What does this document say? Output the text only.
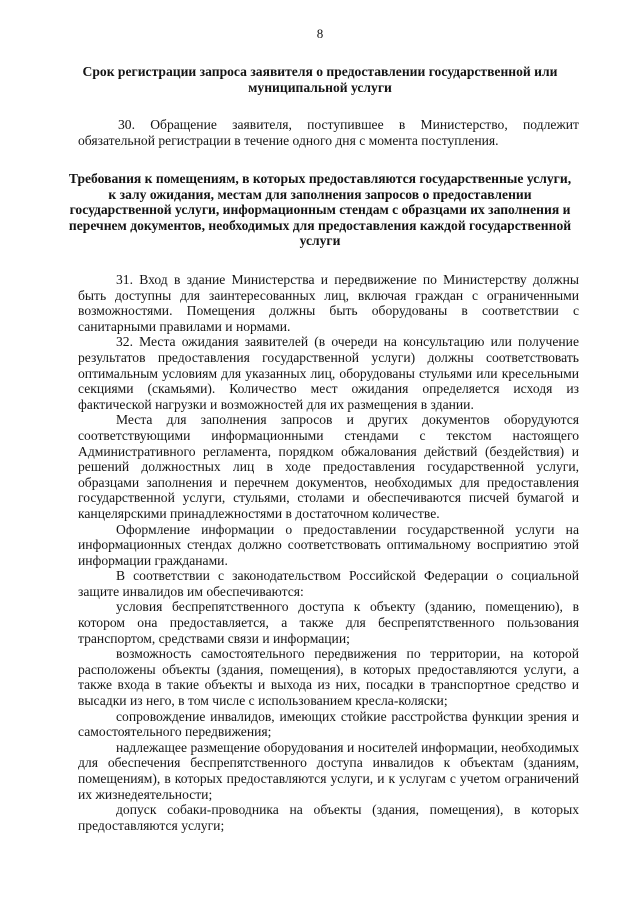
8
Срок регистрации запроса заявителя о предоставлении государственной или муниципальной услуги

30. Обращение заявителя, поступившее в Министерство, подлежит обязательной регистрации в течение одного дня с момента поступления.

Требования к помещениям, в которых предоставляются государственные услуги, к залу ожидания, местам для заполнения запросов о предоставлении государственной услуги, информационным стендам с образцами их заполнения и перечнем документов, необходимых для предоставления каждой государственной услуги

31. Вход в здание Министерства и передвижение по Министерству должны быть доступны для заинтересованных лиц, включая граждан с ограниченными возможностями. Помещения должны быть оборудованы в соответствии с санитарными правилами и нормами.

32. Места ожидания заявителей (в очереди на консультацию или получение результатов предоставления государственной услуги) должны соответствовать оптимальным условиям для указанных лиц, оборудованы стульями или кресельными секциями (скамьями). Количество мест ожидания определяется исходя из фактической нагрузки и возможностей для их размещения в здании.

Места для заполнения запросов и других документов оборудуются соответствующими информационными стендами с текстом настоящего Административного регламента, порядком обжалования действий (бездействия) и решений должностных лиц в ходе предоставления государственной услуги, образцами заполнения и перечнем документов, необходимых для предоставления государственной услуги, стульями, столами и обеспечиваются писчей бумагой и канцелярскими принадлежностями в достаточном количестве.

Оформление информации о предоставлении государственной услуги на информационных стендах должно соответствовать оптимальному восприятию этой информации гражданами.

В соответствии с законодательством Российской Федерации о социальной защите инвалидов им обеспечиваются:

условия беспрепятственного доступа к объекту (зданию, помещению), в котором она предоставляется, а также для беспрепятственного пользования транспортом, средствами связи и информации;

возможность самостоятельного передвижения по территории, на которой расположены объекты (здания, помещения), в которых предоставляются услуги, а также входа в такие объекты и выхода из них, посадки в транспортное средство и высадки из него, в том числе с использованием кресла-коляски;

сопровождение инвалидов, имеющих стойкие расстройства функции зрения и самостоятельного передвижения;

надлежащее размещение оборудования и носителей информации, необходимых для обеспечения беспрепятственного доступа инвалидов к объектам (зданиям, помещениям), в которых предоставляются услуги, и к услугам с учетом ограничений их жизнедеятельности;

допуск собаки-проводника на объекты (здания, помещения), в которых предоставляются услуги;
